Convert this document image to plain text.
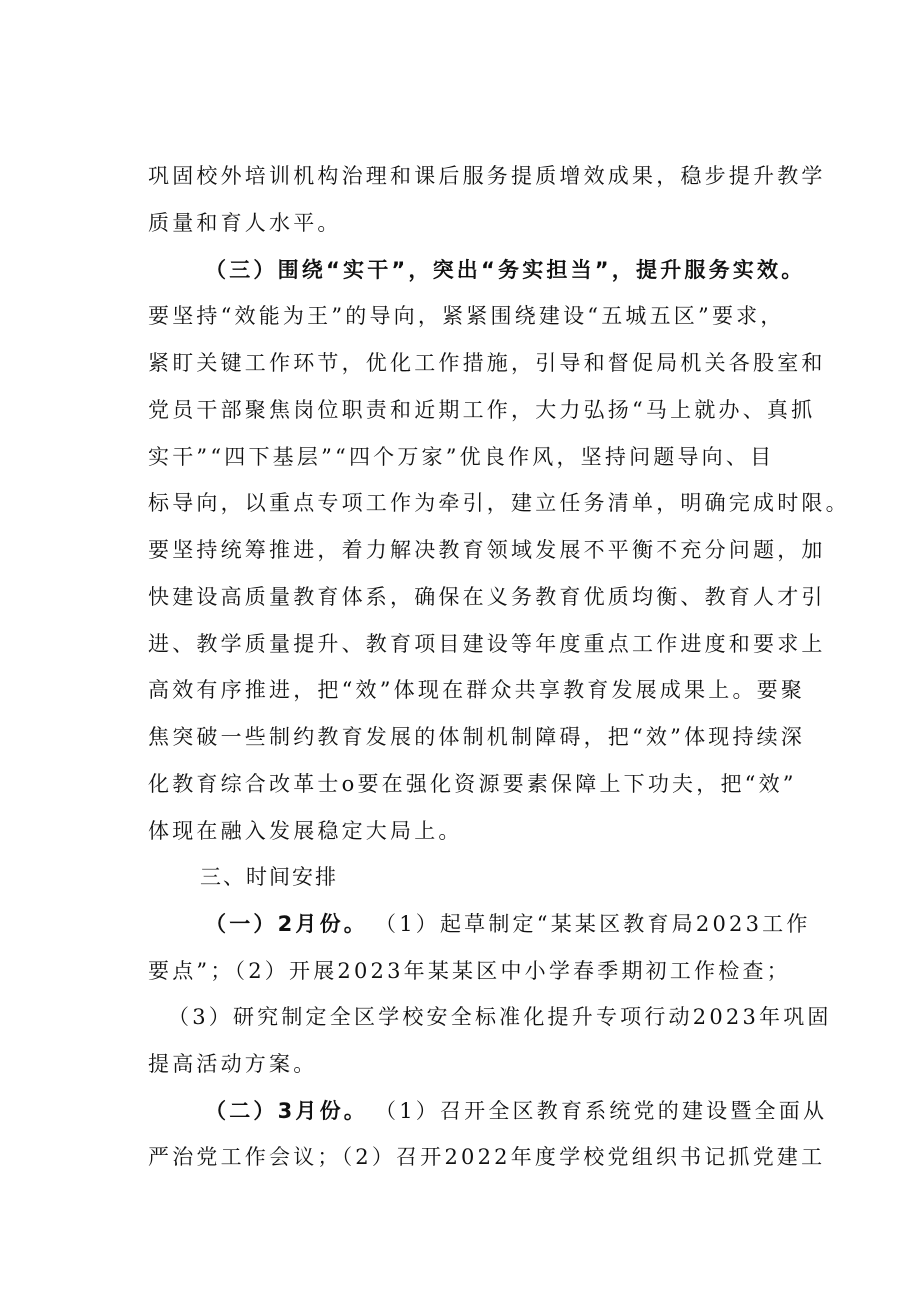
巩固校外培训机构治理和课后服务提质增效成果，稳步提升教学
质量和育人水平。
（三）围绕“实干”，突出“务实担当”，提升服务实效。
要坚持“效能为王”的导向，紧紧围绕建设“五城五区”要求，
紧盯关键工作环节，优化工作措施，引导和督促局机关各股室和
党员干部聚焦岗位职责和近期工作，大力弘扬“马上就办、真抓
实干”“四下基层”“四个万家”优良作风，坚持问题导向、目
标导向，以重点专项工作为牵引，建立任务清单，明确完成时限。
要坚持统筹推进，着力解决教育领域发展不平衡不充分问题，加
快建设高质量教育体系，确保在义务教育优质均衡、教育人才引
进、教学质量提升、教育项目建设等年度重点工作进度和要求上
高效有序推进，把“效”体现在群众共享教育发展成果上。要聚
焦突破一些制约教育发展的体制机制障碍，把“效”体现持续深
化教育综合改革士o要在强化资源要素保障上下功夫，把“效”
体现在融入发展稳定大局上。
三、时间安排
（一）2月份。 （1）起草制定“某某区教育局2023工作
要点”；（2）开展2023年某某区中小学春季期初工作检查；
（3）研究制定全区学校安全标准化提升专项行动2023年巩固
提高活动方案。
（二）3月份。 （1）召开全区教育系统党的建设暨全面从
严治党工作会议；（2）召开2022年度学校党组织书记抓党建工
